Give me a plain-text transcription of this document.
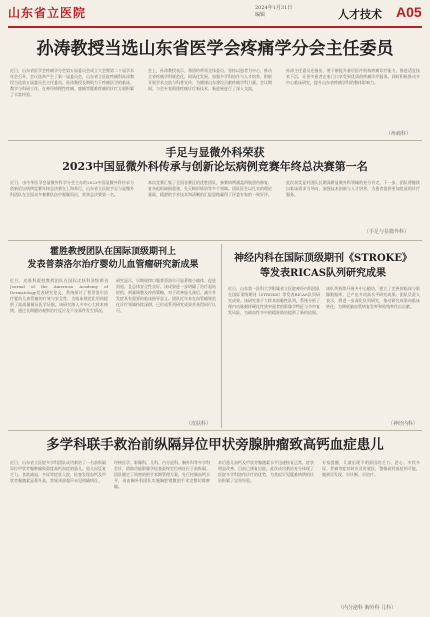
山东省立医院	2024年1月31日
编辑	人才技术 A05
孙涛教授当选山东省医学会疼痛学分会主任委员
近日，山东省医学会疼痛学分会第五届委员会成立大会暨第二十届学术年会召开。会议选举产生了新一届委员会，山东省立医院疼痛科孙涛教授当选第五届委员会主任委员。孙涛教授长期致力于疼痛医学的临床、教学与科研工作，在神经病理性疼痛、癌痛等疑难疼痛的诊疗方面积累了丰富经验。
会上，孙涛教授表示，将团结带领全体委员，坚持以患者为中心，推动全省疼痛学科规范化、同质化发展，加强多学科协作与人才培养，积极开展学术交流与科普宣传，为健康山东建设贡献疼痛学科力量。会议期间，与会专家围绕疼痛诊疗新技术、新进展进行了深入交流。
孙涛主任委员还指出，要不断提升基层医疗机构疼痛诊疗能力，推进适宜技术下沉，让更多患者在家门口享受到优质的疼痛诊疗服务。同时积极推动多中心临床研究，提升山东省疼痛学科的整体影响力。
（疼痛科）
手足与显微外科荣获
2023中国显微外科传承与创新论坛病例竞赛年终总决赛第一名
近日，由中华医学会显微外科学分会主办的2023中国显微外科传承与创新论坛病例竞赛年终总决赛在上海举行。山东省立医院手足与显微外科团队在全国众多参赛队伍中脱颖而出，荣获总决赛第一名。
本次竞赛汇集了全国各赛区的优胜团队，参赛病例涵盖四肢创伤修复、复杂组织缺损重建、先天畸形矫治等多个领域。团队医生以扎实的理论基础、精湛的手术技术和清晰的汇报思路赢得了评委专家的一致好评。
此次获奖是对团队长期深耕显微外科领域的充分肯定。下一步，团队将继续以临床需求为导向，加强技术创新与人才培养，为患者提供更加优质的诊疗服务。
（手足与显微外科）
霍胜教授团队在国际顶级期刊上
发表普萘洛尔治疗婴幼儿血管瘤研究新成果
近日，皮肤科霍胜教授团队在国际皮肤科顶级期刊Journal of the American Academy of Dermatology发表研究论文，系统探讨了普萘洛尔治疗婴幼儿血管瘤的疗效与安全性，为临床规范化用药提供了高质量循证医学证据。该研究纳入多中心大样本病例，通过长期随访观察治疗反应及不良事件发生情况。
研究显示，早期规律口服普萘洛尔可显著缩小瘤体、促进消退，且总体安全性良好。该成果进一步明确了治疗起始时机、剂量调整及停药策略，对于改善患儿预后、减少并发症具有重要的临床指导意义。团队近年来在血管瘤规范化诊疗领域持续深耕，已形成系列研究成果并获得同行认可。
（皮肤科）
神经内科在国际顶级期刊《STROKE》
等发表RICAS队列研究成果
近日，山东第一医科大学附属省立医院神经内科团队在国际顶级期刊《STROKE》等发表RICAS队列研究成果。该研究基于大样本前瞻性队列，系统分析了颅内动脉粥样硬化性狭窄患者的影像学特征与卒中复发风险，为缺血性卒中的精准防治提供了新的依据。
该队列持续开展多中心随访，建立了完善的临床与影像数据库，已产出多项高水平研究成果。团队负责人表示，将进一步深化队列研究，推动研究成果向临床转化，为降低脑血管病复发率和致残率作出贡献。
（神经内科）
多学科联手救治前纵隔异位甲状旁腺肿瘤致高钙血症患儿
近日，山东省立医院多学科团队成功救治了一名前纵隔异位甲状旁腺肿瘤致重度高钙血症的患儿。患儿因反复乏力、食欲减退、多尿等症状入院，检查发现血钙及甲状旁腺激素显著升高，常规颈部超声未见明确病灶。
经核医学、影像科、儿科、内分泌科、胸外科等多学科会诊，借助功能影像学检查最终定位病灶位于前纵隔。团队制定了周密的围手术期管理方案，先行控制血钙水平，再由胸外科团队实施胸腔镜微创手术完整切除肿瘤。
术后患儿血钙及甲状旁腺激素水平迅速恢复正常，症状明显改善，目前已康复出院。此次成功救治充分体现了医院多学科协作诊疗的优势，为类似罕见疑难病例的诊治积累了宝贵经验。
专家提醒，儿童出现不明原因的乏力、恶心、多饮多尿、骨痛等症状时应及时就医，警惕高钙血症的可能，做到早发现、早诊断、早治疗。
（内分泌科 胸外科 儿科）
